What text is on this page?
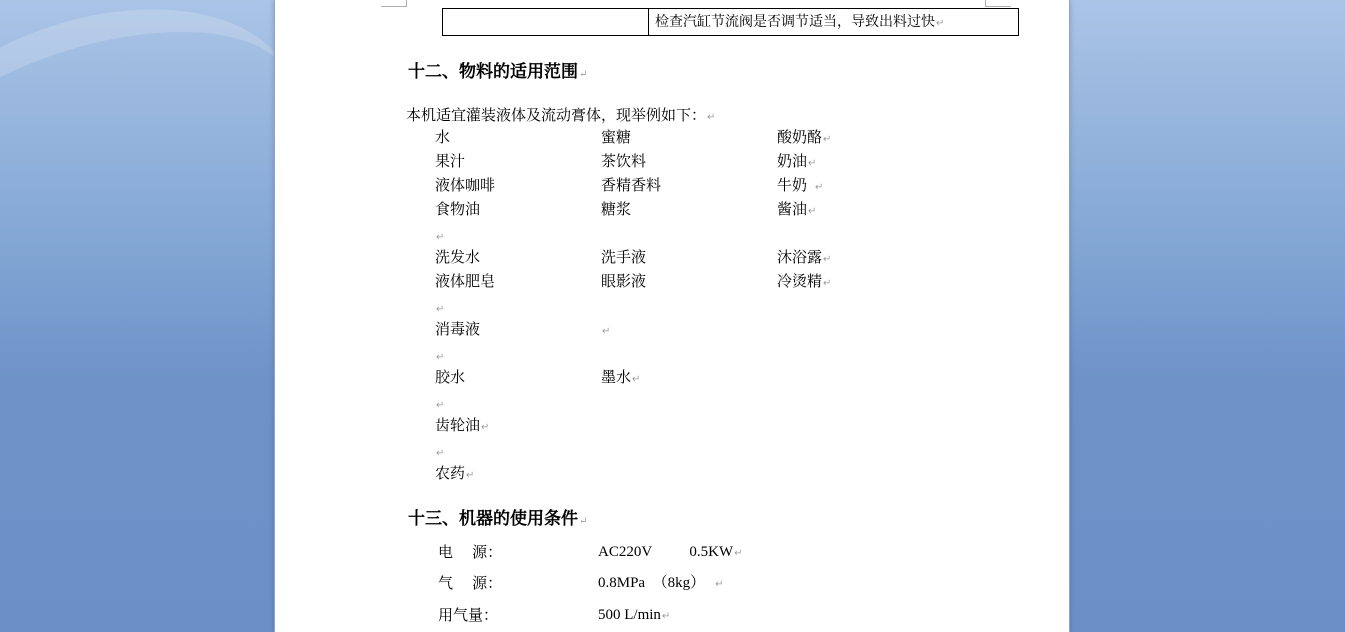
检查汽缸节流阀是否调节适当，导致出料过快↵
十二、物料的适用范围↵
本机适宜灌装液体及流动膏体，现举例如下：↵
水	蜜糖	酸奶酪↵
果汁	茶饮料	奶油↵
液体咖啡	香精香料	牛奶 ↵
食物油	糖浆	酱油↵
↵
洗发水	洗手液	沐浴露↵
液体肥皂	眼影液	冷烫精↵
↵
消毒液	↵
↵
胶水	墨水↵
↵
齿轮油↵
↵
农药↵
十三、机器的使用条件↵
电    源：	AC220V          0.5KW↵
气    源：	0.8MPa  （8kg） ↵
用气量：	500 L/min↵
